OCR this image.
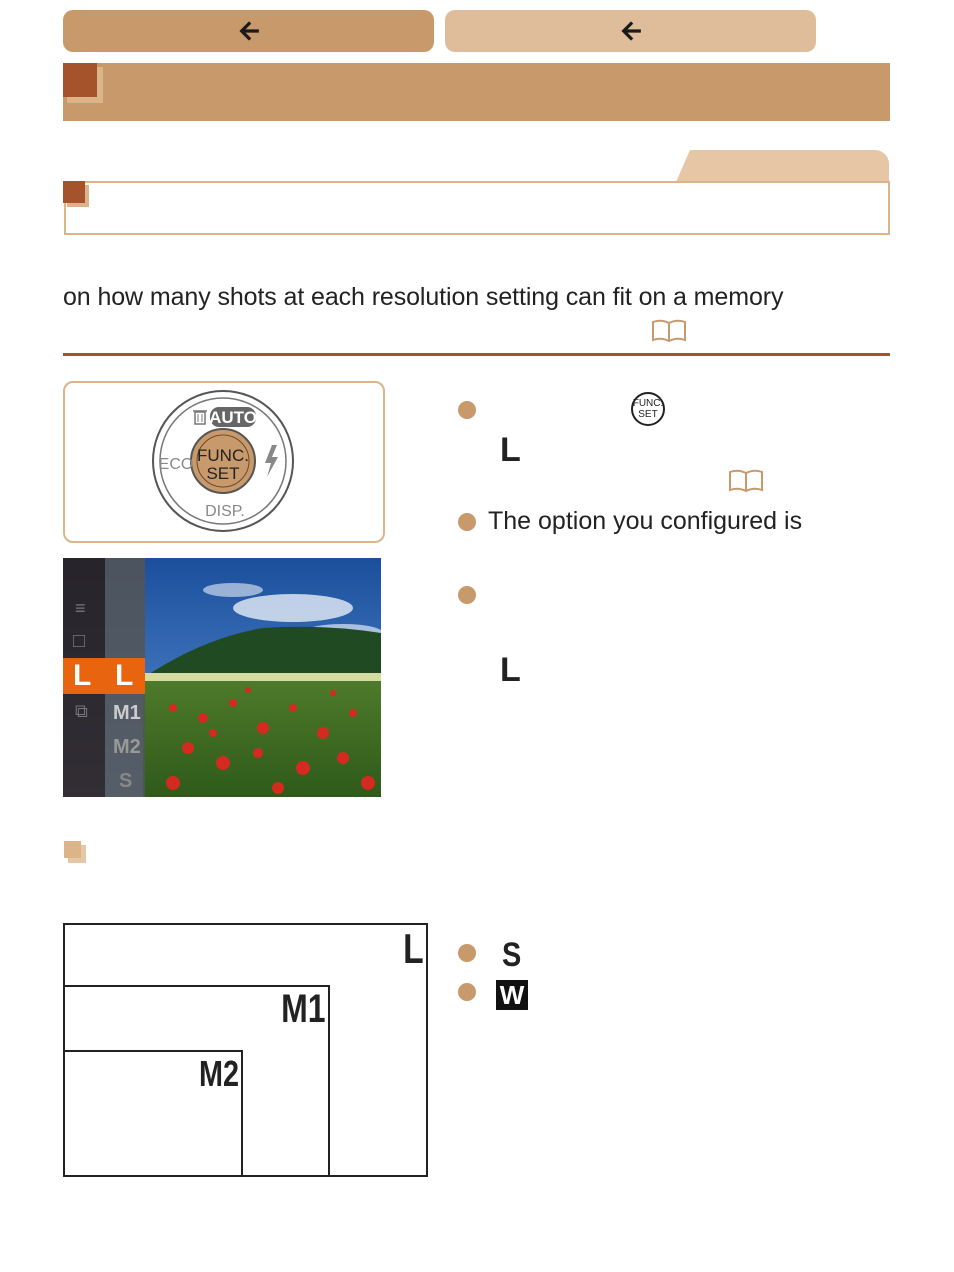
on how many shots at each resolution setting can fit on a memory
AUTO
ECO FUNC.
SET
DISP.
≡
□
L
⧉
L
M1
M2
S
FUNC.
SET
L
The option you configured is
L
L
M1
M2
S
W
